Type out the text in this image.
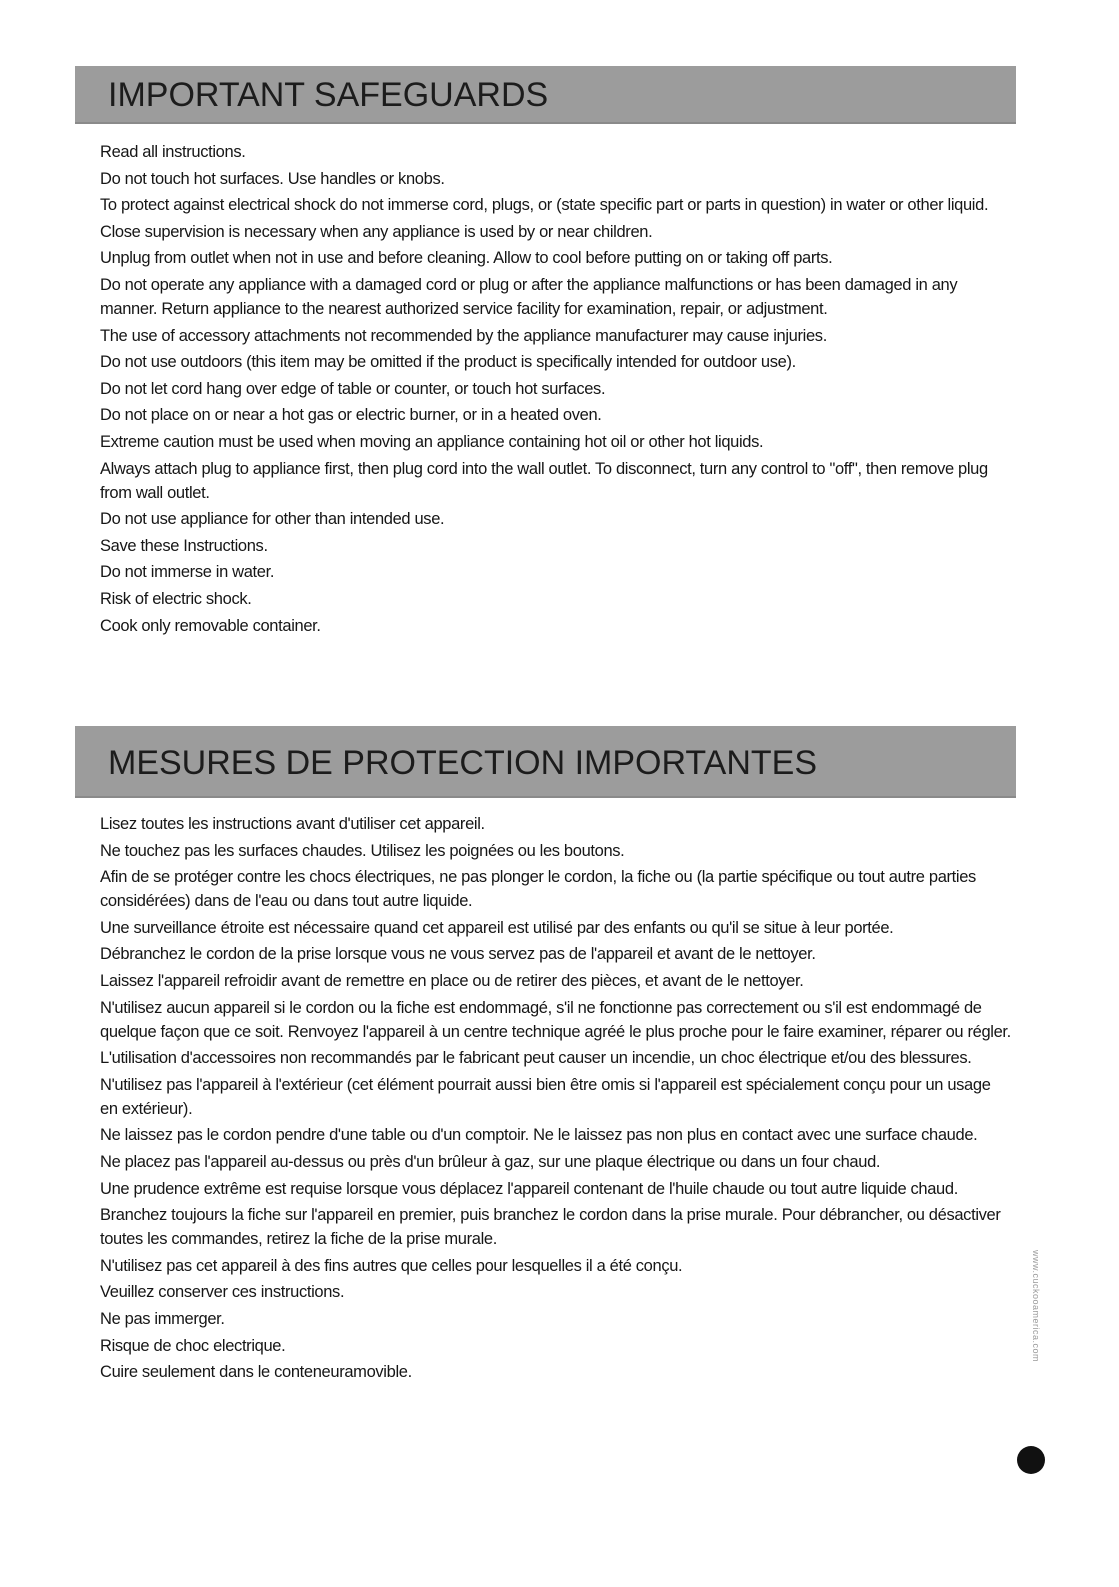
IMPORTANT SAFEGUARDS
Read all instructions.
Do not touch hot surfaces. Use handles or knobs.
To protect against electrical shock do not immerse cord, plugs, or (state specific part or parts in question) in water or other liquid.
Close supervision is necessary when any appliance is used by or near children.
Unplug from outlet when not in use and before cleaning. Allow to cool before putting on or taking off parts.
Do not operate any appliance with a damaged cord or plug or after the appliance malfunctions or has been damaged in any manner. Return appliance to the nearest authorized service facility for examination, repair, or adjustment.
The use of accessory attachments not recommended by the appliance manufacturer may cause injuries.
Do not use outdoors (this item may be omitted if the product is specifically intended for outdoor use).
Do not let cord hang over edge of table or counter, or touch hot surfaces.
Do not place on or near a hot gas or electric burner, or in a heated oven.
Extreme caution must be used when moving an appliance containing hot oil or other hot liquids.
Always attach plug to appliance first, then plug cord into the wall outlet. To disconnect, turn any control to "off", then remove plug from wall outlet.
Do not use appliance for other than intended use.
Save these Instructions.
Do not immerse in water.
Risk of electric shock.
Cook only removable container.
MESURES DE PROTECTION IMPORTANTES
Lisez toutes les instructions avant d'utiliser cet appareil.
Ne touchez pas les surfaces chaudes. Utilisez les poignées ou les boutons.
Afin de se protéger contre les chocs électriques, ne pas plonger le cordon, la fiche ou (la partie spécifique ou tout autre parties considérées) dans de l'eau ou dans tout autre liquide.
Une surveillance étroite est nécessaire quand cet appareil est utilisé par des enfants ou qu'il se situe à leur portée.
Débranchez le cordon de la prise lorsque vous ne vous servez pas de l'appareil et avant de le nettoyer.
Laissez l'appareil refroidir avant de remettre en place ou de retirer des pièces, et avant de le nettoyer.
N'utilisez aucun appareil si le cordon ou la fiche est endommagé, s'il ne fonctionne pas correctement ou s'il est endommagé de quelque façon que ce soit. Renvoyez l'appareil à un centre technique agréé le plus proche pour le faire examiner, réparer ou régler.
L'utilisation d'accessoires non recommandés par le fabricant peut causer un incendie, un choc électrique et/ou des blessures.
N'utilisez pas l'appareil à l'extérieur (cet élément pourrait aussi bien être omis si l'appareil est spécialement conçu pour un usage en extérieur).
Ne laissez pas le cordon pendre d'une table ou d'un comptoir. Ne le laissez pas non plus en contact avec une surface chaude.
Ne placez pas l'appareil au-dessus ou près d'un brûleur à gaz, sur une plaque électrique ou dans un four chaud.
Une prudence extrême est requise lorsque vous déplacez l'appareil contenant de l'huile chaude ou tout autre liquide chaud.
Branchez toujours la fiche sur l'appareil en premier, puis branchez le cordon dans la prise murale. Pour débrancher, ou désactiver toutes les commandes, retirez la fiche de la prise murale.
N'utilisez pas cet appareil à des fins autres que celles pour lesquelles il a été conçu.
Veuillez conserver ces instructions.
Ne pas immerger.
Risque de choc electrique.
Cuire seulement dans le conteneuramovible.
www.cuckooamerica.com
